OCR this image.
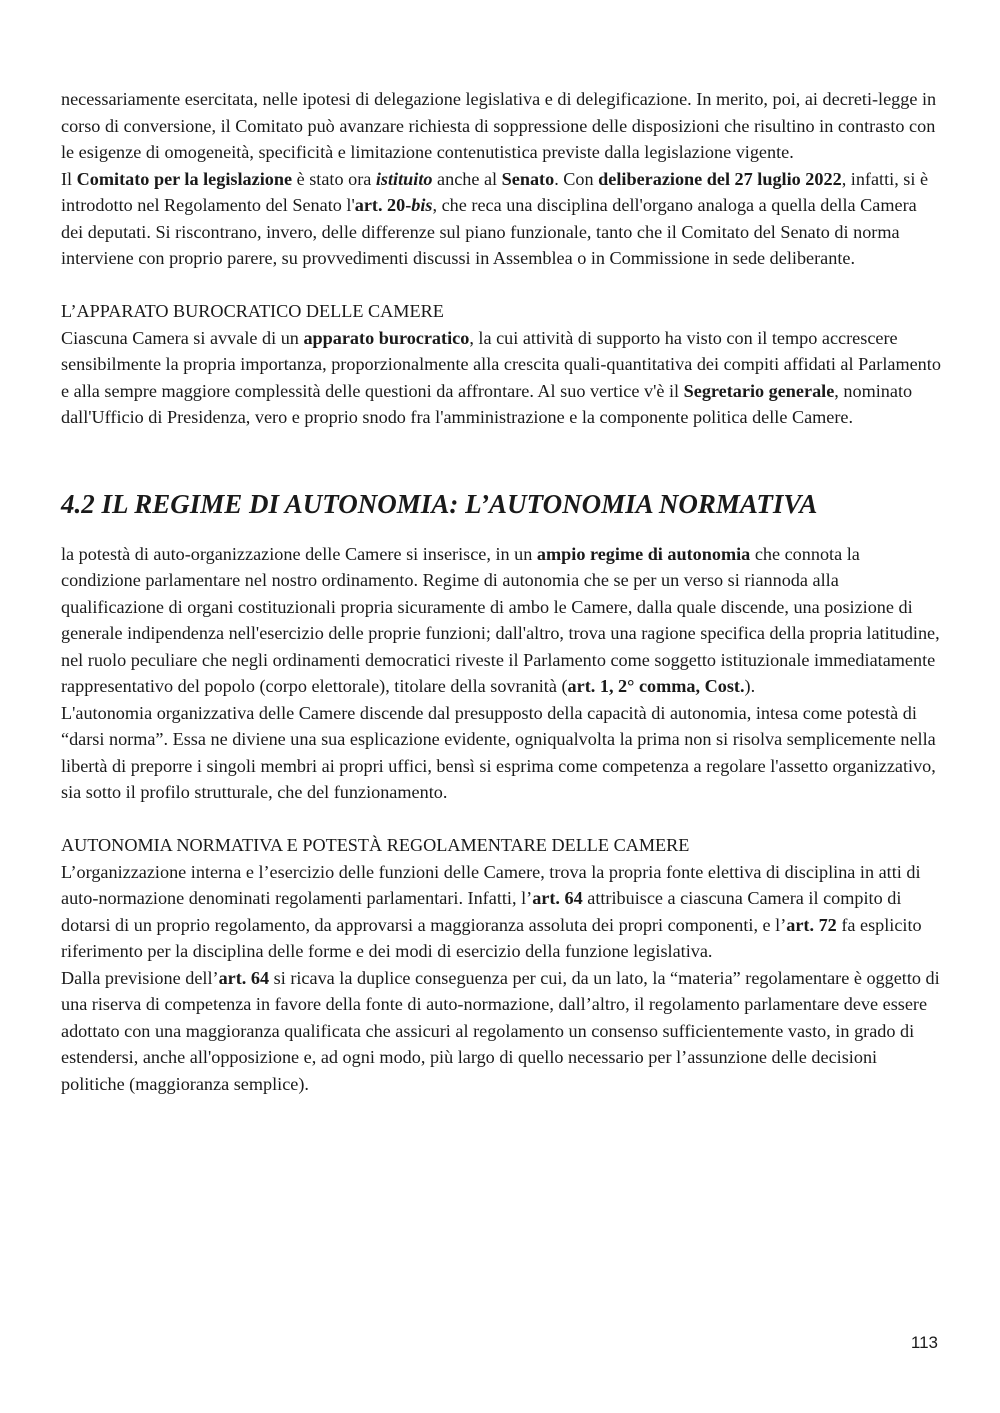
necessariamente esercitata, nelle ipotesi di delegazione legislativa e di delegificazione. In merito, poi, ai decreti-legge in corso di conversione, il Comitato può avanzare richiesta di soppressione delle disposizioni che risultino in contrasto con le esigenze di omogeneità, specificità e limitazione contenutistica previste dalla legislazione vigente.

Il Comitato per la legislazione è stato ora istituito anche al Senato. Con deliberazione del 27 luglio 2022, infatti, si è introdotto nel Regolamento del Senato l'art. 20-bis, che reca una disciplina dell'organo analoga a quella della Camera dei deputati. Si riscontrano, invero, delle differenze sul piano funzionale, tanto che il Comitato del Senato di norma interviene con proprio parere, su provvedimenti discussi in Assemblea o in Commissione in sede deliberante.

L’APPARATO BUROCRATICO DELLE CAMERE

Ciascuna Camera si avvale di un apparato burocratico, la cui attività di supporto ha visto con il tempo accrescere sensibilmente la propria importanza, proporzionalmente alla crescita quali-quantitativa dei compiti affidati al Parlamento e alla sempre maggiore complessità delle questioni da affrontare. Al suo vertice v'è il Segretario generale, nominato dall'Ufficio di Presidenza, vero e proprio snodo fra l'amministrazione e la componente politica delle Camere.

4.2 IL REGIME DI AUTONOMIA: L’AUTONOMIA NORMATIVA

la potestà di auto-organizzazione delle Camere si inserisce, in un ampio regime di autonomia che connota la condizione parlamentare nel nostro ordinamento. Regime di autonomia che se per un verso si riannoda alla qualificazione di organi costituzionali propria sicuramente di ambo le Camere, dalla quale discende, una posizione di generale indipendenza nell'esercizio delle proprie funzioni; dall'altro, trova una ragione specifica della propria latitudine, nel ruolo peculiare che negli ordinamenti democratici riveste il Parlamento come soggetto istituzionale immediatamente rappresentativo del popolo (corpo elettorale), titolare della sovranità (art. 1, 2° comma, Cost.).

L'autonomia organizzativa delle Camere discende dal presupposto della capacità di autonomia, intesa come potestà di “darsi norma”. Essa ne diviene una sua esplicazione evidente, ogniqualvolta la prima non si risolva semplicemente nella libertà di preporre i singoli membri ai propri uffici, bensì si esprima come competenza a regolare l'assetto organizzativo, sia sotto il profilo strutturale, che del funzionamento.

AUTONOMIA NORMATIVA E POTESTÀ REGOLAMENTARE DELLE CAMERE

L’organizzazione interna e l’esercizio delle funzioni delle Camere, trova la propria fonte elettiva di disciplina in atti di auto-normazione denominati regolamenti parlamentari. Infatti, l’art. 64 attribuisce a ciascuna Camera il compito di dotarsi di un proprio regolamento, da approvarsi a maggioranza assoluta dei propri componenti, e l’art. 72 fa esplicito riferimento per la disciplina delle forme e dei modi di esercizio della funzione legislativa.

Dalla previsione dell’art. 64 si ricava la duplice conseguenza per cui, da un lato, la “materia” regolamentare è oggetto di una riserva di competenza in favore della fonte di auto-normazione, dall’altro, il regolamento parlamentare deve essere adottato con una maggioranza qualificata che assicuri al regolamento un consenso sufficientemente vasto, in grado di estendersi, anche all'opposizione e, ad ogni modo, più largo di quello necessario per l’assunzione delle decisioni politiche (maggioranza semplice).

113
